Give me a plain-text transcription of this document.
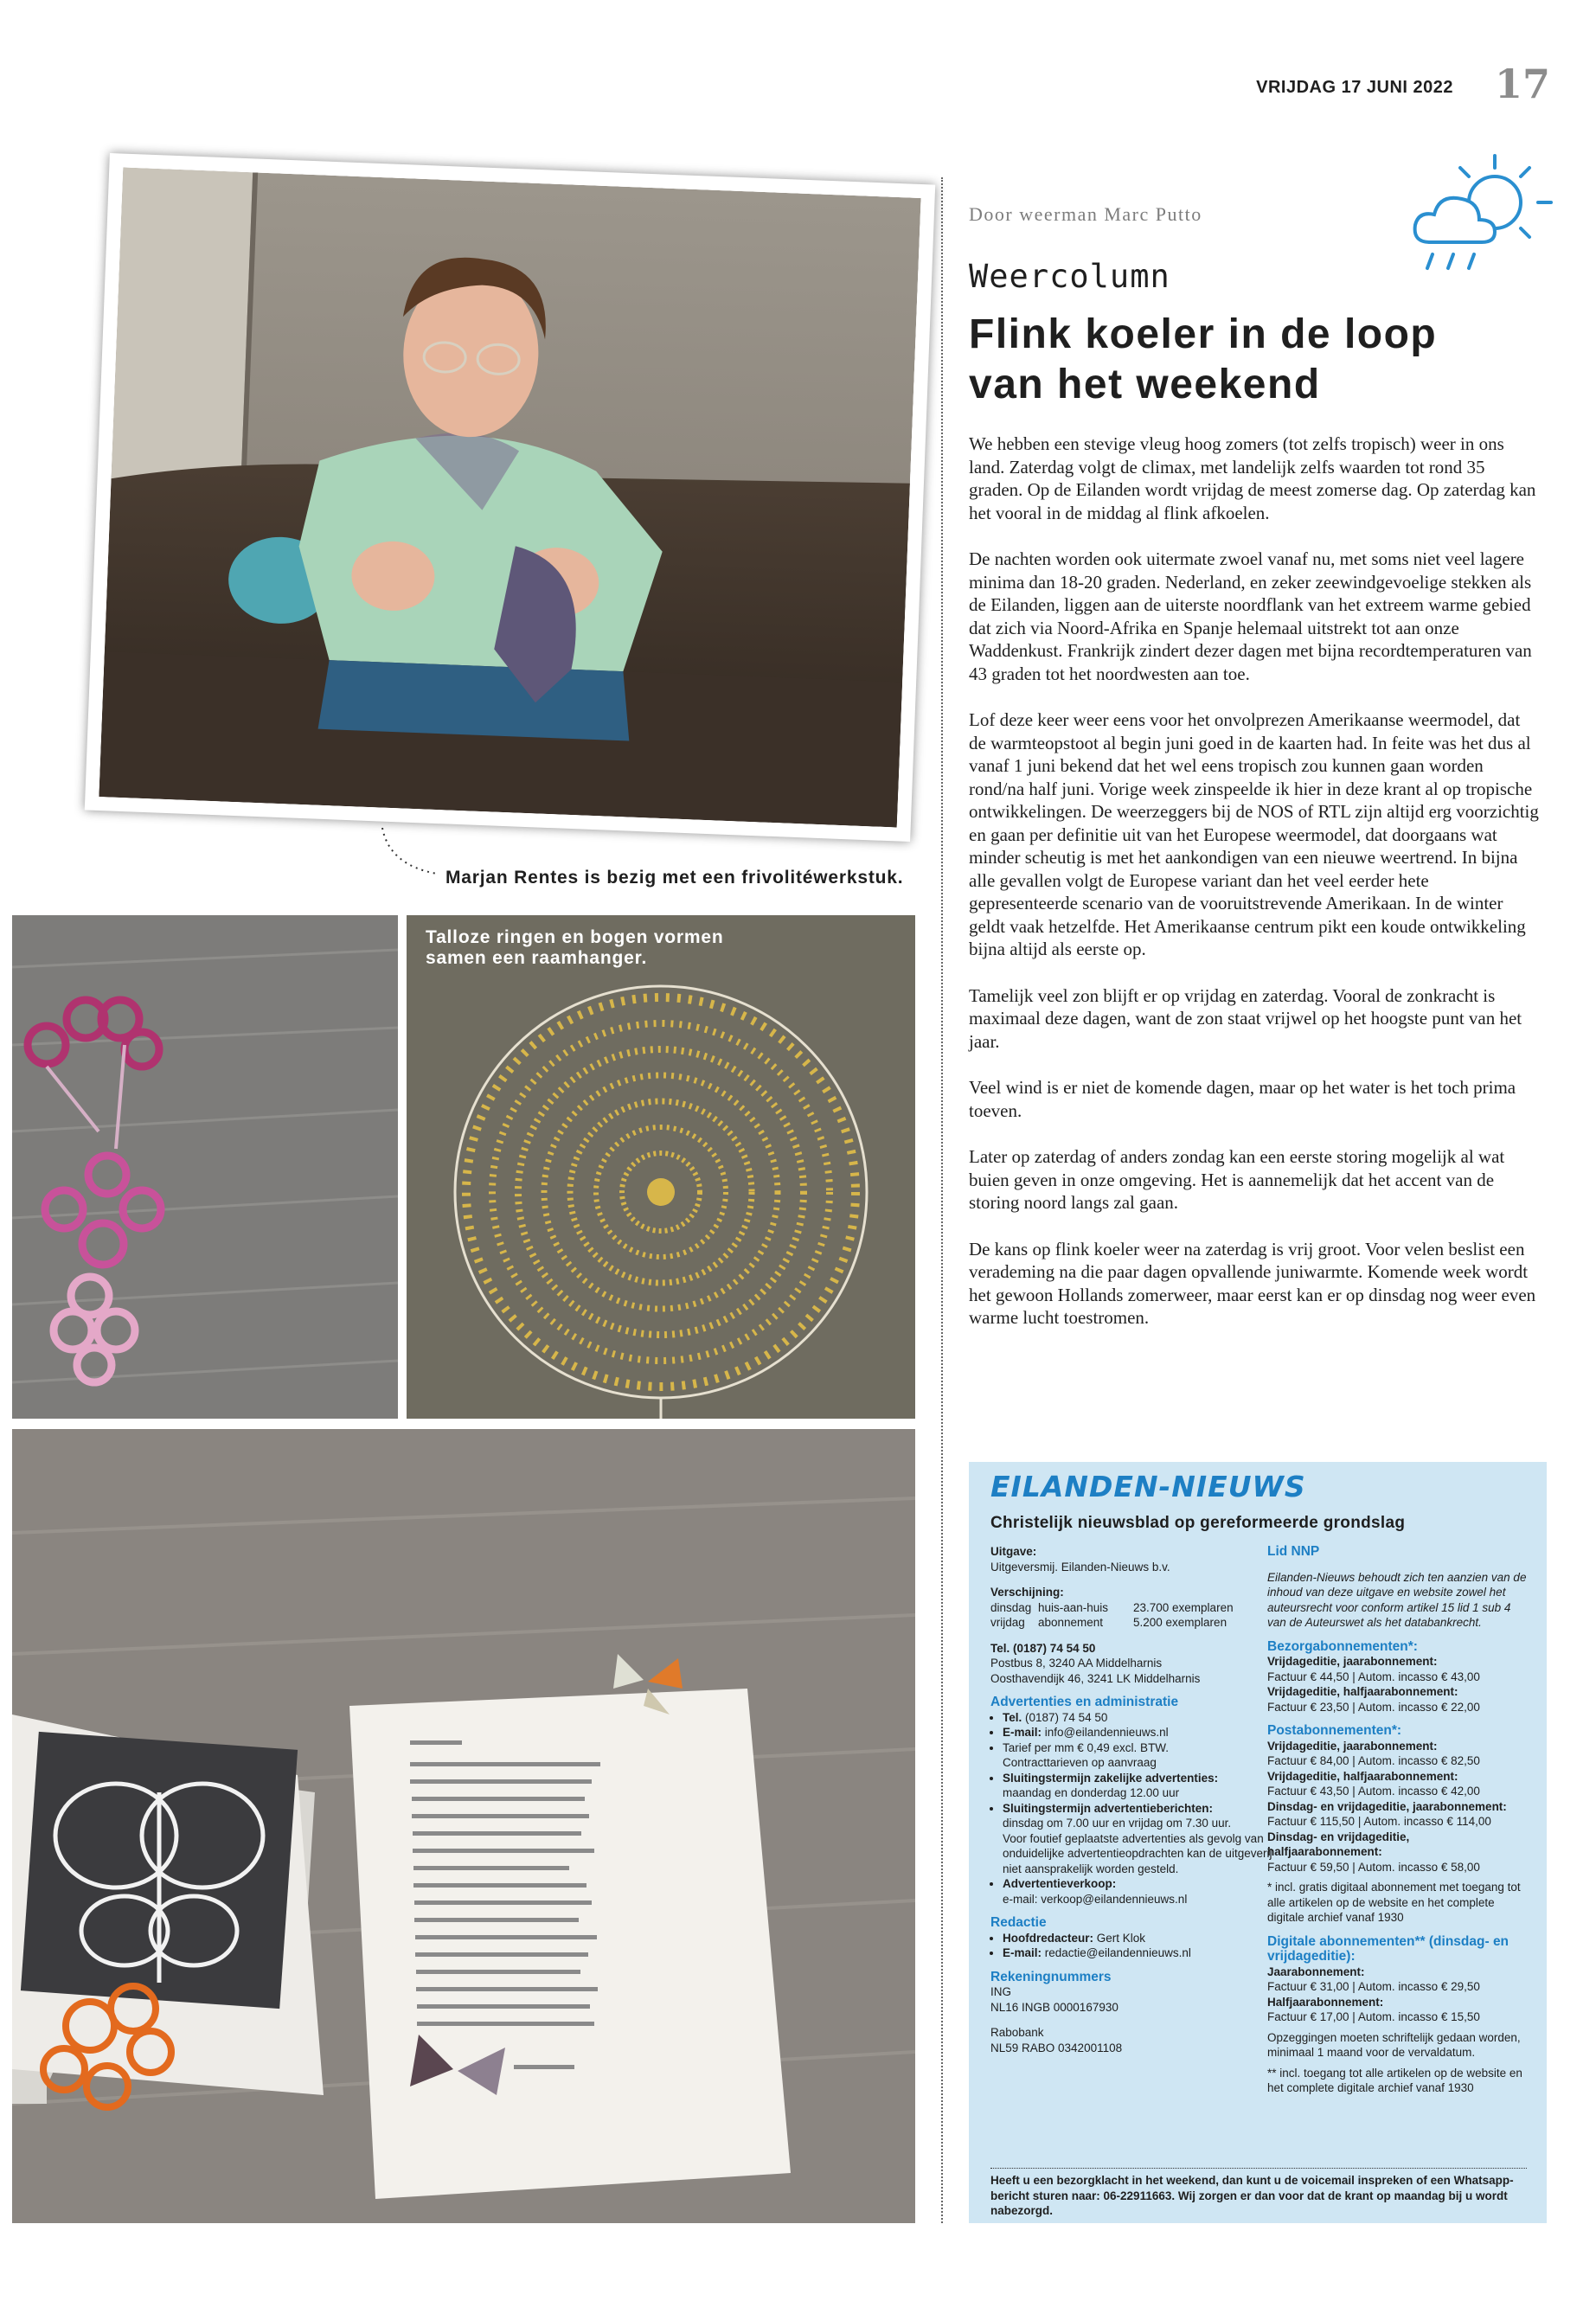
VRIJDAG 17 JUNI 2022 17
Marjan Rentes is bezig met een frivolitéwerkstuk.
Talloze ringen en bogen vormen samen een raamhanger.
Door weerman Marc Putto
Weercolumn
Flink koeler in de loop van het weekend

We hebben een stevige vleug hoog zomers (tot zelfs tropisch) weer in ons land. Zaterdag volgt de climax, met landelijk zelfs waarden tot rond 35 graden. Op de Eilanden wordt vrijdag de meest zomerse dag. Op zaterdag kan het vooral in de middag al flink afkoelen.

De nachten worden ook uitermate zwoel vanaf nu, met soms niet veel lagere minima dan 18-20 graden. Nederland, en zeker zeewindgevoelige stekken als de Eilanden, liggen aan de uiterste noordflank van het extreem warme gebied dat zich via Noord-Afrika en Spanje helemaal uitstrekt tot aan onze Waddenkust. Frankrijk zindert dezer dagen met bijna recordtemperaturen van 43 graden tot het noordwesten aan toe.

Lof deze keer weer eens voor het onvolprezen Amerikaanse weermodel, dat de warmteopstoot al begin juni goed in de kaarten had. In feite was het dus al vanaf 1 juni bekend dat het wel eens tropisch zou kunnen gaan worden rond/na half juni. Vorige week zinspeelde ik hier in deze krant al op tropische ontwikkelingen. De weerzeggers bij de NOS of RTL zijn altijd erg voorzichtig en gaan per definitie uit van het Europese weermodel, dat doorgaans wat minder scheutig is met het aankondigen van een nieuwe weertrend. In bijna alle gevallen volgt de Europese variant dan het veel eerder hete gepresenteerde scenario van de vooruitstrevende Amerikaan. In de winter geldt vaak hetzelfde. Het Amerikaanse centrum pikt een koude ontwikkeling bijna altijd als eerste op.

Tamelijk veel zon blijft er op vrijdag en zaterdag. Vooral de zonkracht is maximaal deze dagen, want de zon staat vrijwel op het hoogste punt van het jaar.

Veel wind is er niet de komende dagen, maar op het water is het toch prima toeven.

Later op zaterdag of anders zondag kan een eerste storing mogelijk al wat buien geven in onze omgeving. Het is aannemelijk dat het accent van de storing noord langs zal gaan.

De kans op flink koeler weer na zaterdag is vrij groot. Voor velen beslist een verademing na die paar dagen opvallende juniwarmte. Komende week wordt het gewoon Hollands zomerweer, maar eerst kan er op dinsdag nog weer even warme lucht toestromen.

EILANDEN-NIEUWS
Christelijk nieuwsblad op gereformeerde grondslag
Uitgave:
Uitgeversmij. Eilanden-Nieuws b.v.
Verschijning:
dinsdag huis-aan-huis	23.700 exemplaren
vrijdag	abonnement	5.200 exemplaren
Tel. (0187) 74 54 50
Postbus 8, 3240 AA Middelharnis
Oosthavendijk 46, 3241 LK Middelharnis
Advertenties en administratie
• Tel. (0187) 74 54 50
• E-mail: info@eilandennieuws.nl
• Tarief per mm € 0,49 excl. BTW.
Contracttarieven op aanvraag
• Sluitingstermijn zakelijke advertenties:
maandag en donderdag 12.00 uur
• Sluitingstermijn advertentieberichten:
dinsdag om 7.00 uur en vrijdag om 7.30 uur.
Voor foutief geplaatste advertenties als gevolg van onduidelijke advertentieopdrachten kan de uitgeverij niet aansprakelijk worden gesteld.
• Advertentieverkoop:
e-mail: verkoop@eilandennieuws.nl
Redactie
• Hoofdredacteur: Gert Klok
• E-mail: redactie@eilandennieuws.nl
Rekeningnummers
ING
NL16 INGB 0000167930
Rabobank
NL59 RABO 0342001108
Lid NNP
Eilanden-Nieuws behoudt zich ten aanzien van de inhoud van deze uitgave en website zowel het auteursrecht voor conform artikel 15 lid 1 sub 4 van de Auteurswet als het databankrecht.
Bezorgabonnementen*:
Vrijdageditie, jaarabonnement:
Factuur € 44,50 | Autom. incasso € 43,00
Vrijdageditie, halfjaarabonnement:
Factuur € 23,50 | Autom. incasso € 22,00
Postabonnementen*:
Vrijdageditie, jaarabonnement:
Factuur € 84,00 | Autom. incasso € 82,50
Vrijdageditie, halfjaarabonnement:
Factuur € 43,50 | Autom. incasso € 42,00
Dinsdag- en vrijdageditie, jaarabonnement:
Factuur € 115,50 | Autom. incasso € 114,00
Dinsdag- en vrijdageditie, halfjaarabonnement:
Factuur € 59,50 | Autom. incasso € 58,00
* incl. gratis digitaal abonnement met toegang tot alle artikelen op de website en het complete digitale archief vanaf 1930
Digitale abonnementen** (dinsdag- en vrijdageditie):
Jaarabonnement:
Factuur € 31,00 | Autom. incasso € 29,50
Halfjaarabonnement:
Factuur € 17,00 | Autom. incasso € 15,50
Opzeggingen moeten schriftelijk gedaan worden, minimaal 1 maand voor de vervaldatum.
** incl. toegang tot alle artikelen op de website en het complete digitale archief vanaf 1930
Heeft u een bezorgklacht in het weekend, dan kunt u de voicemail inspreken of een Whatsapp-bericht sturen naar: 06-22911663. Wij zorgen er dan voor dat de krant op maandag bij u wordt nabezorgd.
